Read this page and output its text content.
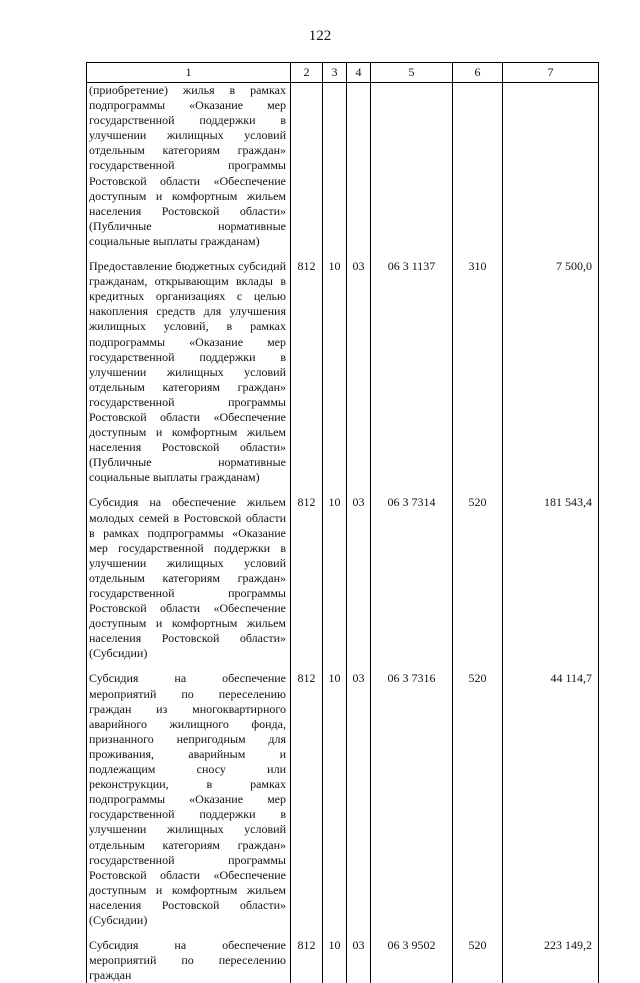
122
1	2	3	4	5	6	7
(приобретение) жилья в рамках подпрограммы «Оказание мер государственной поддержки в улучшении жилищных условий отдельным категориям граждан» государственной программы Ростовской области «Обеспечение доступным и комфортным жильем населения Ростовской области» (Публичные нормативные социальные выплаты гражданам)						
Предоставление бюджетных субсидий гражданам, открывающим вклады в кредитных организациях с целью накопления средств для улучшения жилищных условий, в рамках подпрограммы «Оказание мер государственной поддержки в улучшении жилищных условий отдельным категориям граждан» государственной программы Ростовской области «Обеспечение доступным и комфортным жильем населения Ростовской области» (Публичные нормативные социальные выплаты гражданам)	812	10	03	06 3 1137	310	7 500,0
Субсидия на обеспечение жильем молодых семей в Ростовской области в рамках подпрограммы «Оказание мер государственной поддержки в улучшении жилищных условий отдельным категориям граждан» государственной программы Ростовской области «Обеспечение доступным и комфортным жильем населения Ростовской области» (Субсидии)	812	10	03	06 3 7314	520	181 543,4
Субсидия на обеспечение мероприятий по переселению граждан из многоквартирного аварийного жилищного фонда, признанного непригодным для проживания, аварийным и подлежащим сносу или реконструкции, в рамках подпрограммы «Оказание мер государственной поддержки в улучшении жилищных условий отдельным категориям граждан» государственной программы Ростовской области «Обеспечение доступным и комфортным жильем населения Ростовской области» (Субсидии)	812	10	03	06 3 7316	520	44 114,7
Субсидия на обеспечение мероприятий по переселению граждан	812	10	03	06 3 9502	520	223 149,2
